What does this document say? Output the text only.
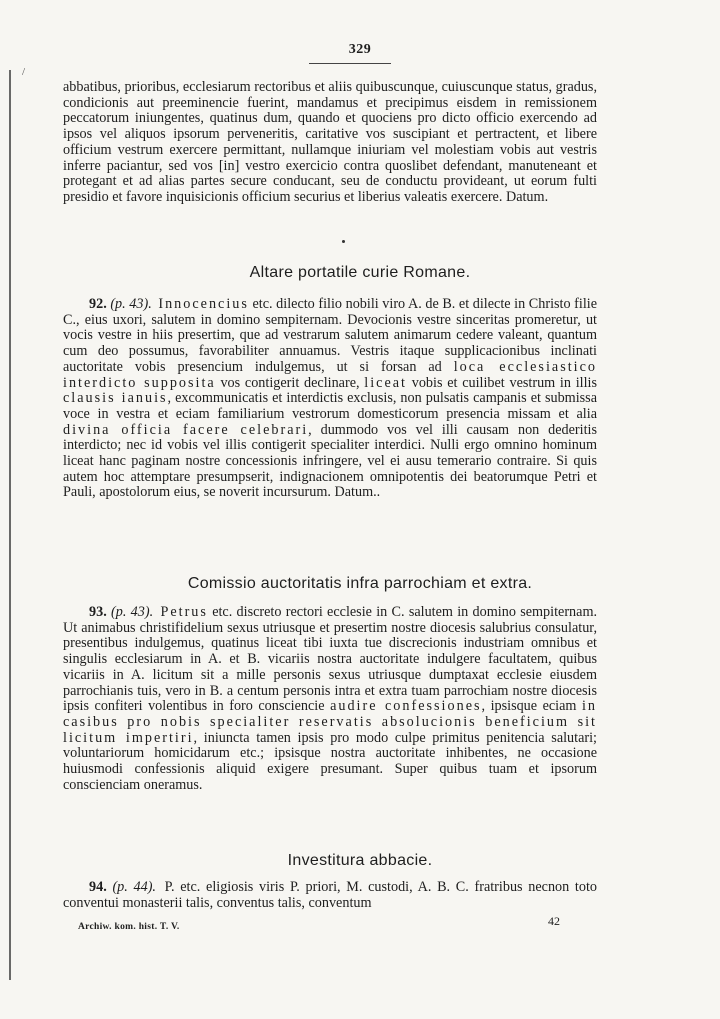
/
329

abbatibus, prioribus, ecclesiarum rectoribus et aliis quibuscunque, cuiuscunque status, gradus, condicionis aut preeminencie fuerint, mandamus et precipimus eisdem in remissionem peccatorum iniungentes, quatinus dum, quando et quociens pro dicto officio exercendo ad ipsos vel aliquos ipsorum perveneritis, caritative vos suscipiant et pertractent, et libere officium vestrum exercere permittant, nullamque iniuriam vel molestiam vobis aut vestris inferre paciantur, sed vos [in] vestro exercicio contra quoslibet defendant, manuteneant et protegant et ad alias partes secure conducant, seu de conductu provideant, ut eorum fulti presidio et favore inquisicionis officium securius et liberius valeatis exercere. Datum.

Altare portatile curie Romane.

92. (p. 43). Innocencius etc. dilecto filio nobili viro A. de B. et dilecte in Christo filie C., eius uxori, salutem in domino sempiternam. Devocionis vestre sinceritas promeretur, ut vocis vestre in hiis presertim, que ad vestrarum salutem animarum cedere valeant, quantum cum deo possumus, favorabiliter annuamus. Vestris itaque supplicacionibus inclinati auctoritate vobis presencium indulgemus, ut si forsan ad loca ecclesiastico interdicto supposita vos contigerit declinare, liceat vobis et cuilibet vestrum in illis clausis ianuis, excommunicatis et interdictis exclusis, non pulsatis campanis et submissa voce in vestra et eciam familiarium vestrorum domesticorum presencia missam et alia divina officia facere celebrari, dummodo vos vel illi causam non dederitis interdicto; nec id vobis vel illis contigerit specialiter interdici. Nulli ergo omnino hominum liceat hanc paginam nostre concessionis infringere, vel ei ausu temerario contraire. Si quis autem hoc attemptare presumpserit, indignacionem omnipotentis dei beatorumque Petri et Pauli, apostolorum eius, se noverit incursurum. Datum..

Comissio auctoritatis infra parrochiam et extra.

93. (p. 43). Petrus etc. discreto rectori ecclesie in C. salutem in domino sempiternam. Ut animabus christifidelium sexus utriusque et presertim nostre diocesis salubrius consulatur, presentibus indulgemus, quatinus liceat tibi iuxta tue discrecionis industriam omnibus et singulis ecclesiarum in A. et B. vicariis nostra auctoritate indulgere facultatem, quibus vicariis in A. licitum sit a mille personis sexus utriusque dumptaxat ecclesie eiusdem parrochianis tuis, vero in B. a centum personis intra et extra tuam parrochiam nostre diocesis ipsis confiteri volentibus in foro consciencie audire confessiones, ipsisque eciam in casibus pro nobis specialiter reservatis absolucionis beneficium sit licitum impertiri, iniuncta tamen ipsis pro modo culpe primitus penitencia salutari; voluntariorum homicidarum etc.; ipsisque nostra auctoritate inhibentes, ne occasione huiusmodi confessionis aliquid exigere presumant. Super quibus tuam et ipsorum conscienciam oneramus.

Investitura abbacie.

94. (p. 44). P. etc. eligiosis viris P. priori, M. custodi, A. B. C. fratribus necnon toto conventui monasterii talis, conventus talis, conventum

42
Archiw. kom. hist. T. V.
